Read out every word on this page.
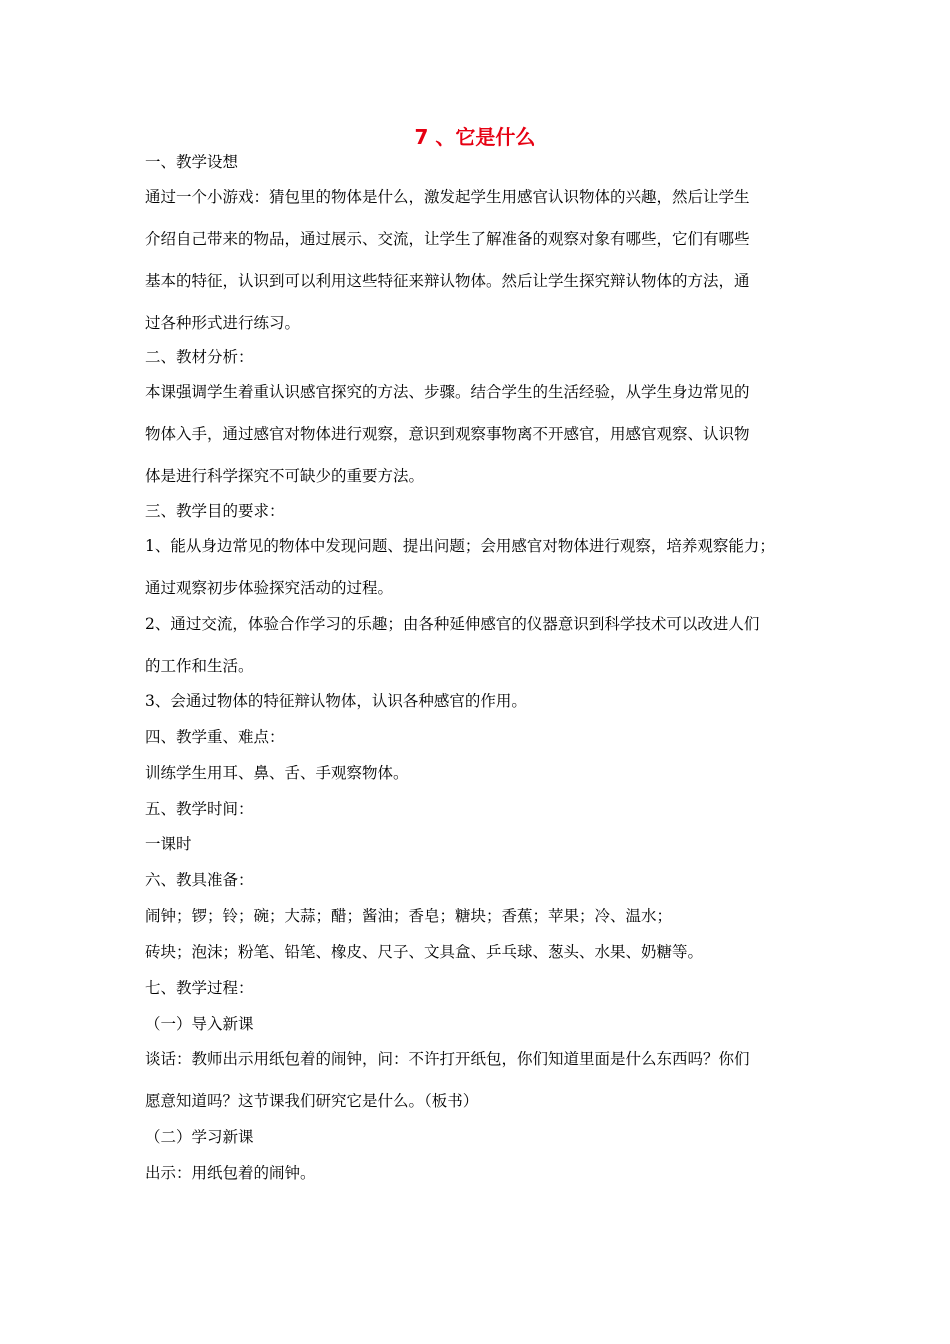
7 、它是什么
一、教学设想
通过一个小游戏：猜包里的物体是什么，激发起学生用感官认识物体的兴趣，然后让学生
介绍自己带来的物品，通过展示、交流，让学生了解准备的观察对象有哪些，它们有哪些
基本的特征，认识到可以利用这些特征来辩认物体。然后让学生探究辩认物体的方法，通
过各种形式进行练习。
二、教材分析：
本课强调学生着重认识感官探究的方法、步骤。结合学生的生活经验，从学生身边常见的
物体入手，通过感官对物体进行观察，意识到观察事物离不开感官，用感官观察、认识物
体是进行科学探究不可缺少的重要方法。
三、教学目的要求：
1、能从身边常见的物体中发现问题、提出问题；会用感官对物体进行观察，培养观察能力；
通过观察初步体验探究活动的过程。
2、通过交流，体验合作学习的乐趣；由各种延伸感官的仪器意识到科学技术可以改进人们
的工作和生活。
3、会通过物体的特征辩认物体，认识各种感官的作用。
四、教学重、难点：
训练学生用耳、鼻、舌、手观察物体。
五、教学时间：
一课时
六、教具准备：
闹钟；锣；铃；碗；大蒜；醋；酱油；香皂；糖块；香蕉；苹果；冷、温水；
砖块；泡沫；粉笔、铅笔、橡皮、尺子、文具盒、乒乓球、葱头、水果、奶糖等。
七、教学过程：
（一）导入新课
谈话：教师出示用纸包着的闹钟，问：不许打开纸包，你们知道里面是什么东西吗？你们
愿意知道吗？这节课我们研究它是什么。（板书）
（二）学习新课
出示：用纸包着的闹钟。
